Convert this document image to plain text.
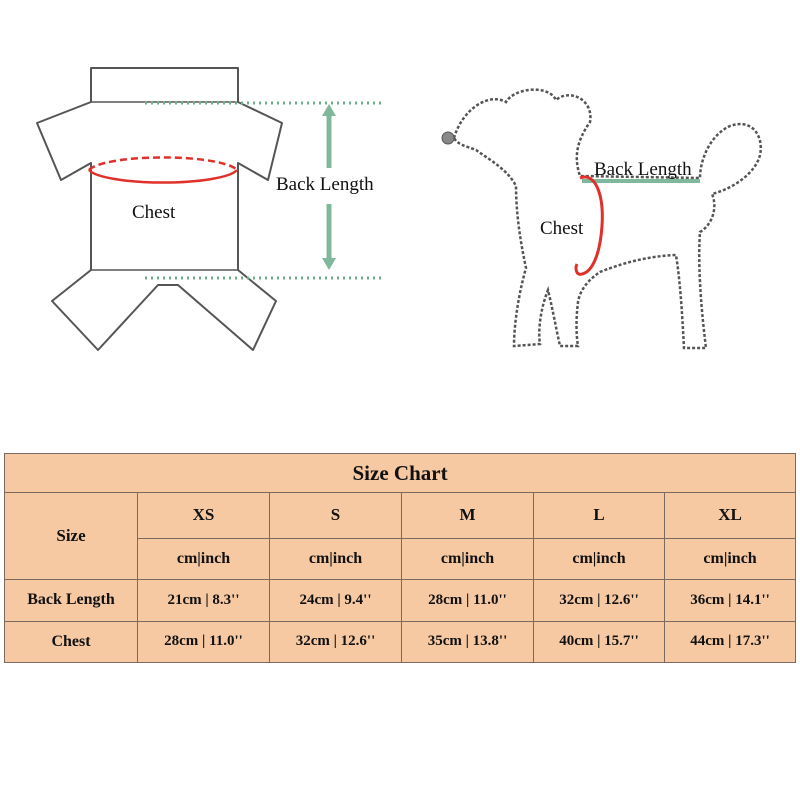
Chest
Back Length
Back Length
Chest
Size Chart					
Size	XS	S	M	L	XL
	cm|inch	cm|inch	cm|inch	cm|inch	cm|inch
Back Length	21cm | 8.3''	24cm | 9.4''	28cm | 11.0''	32cm | 12.6''	36cm | 14.1''
Chest	28cm | 11.0''	32cm | 12.6''	35cm | 13.8''	40cm | 15.7''	44cm | 17.3''
